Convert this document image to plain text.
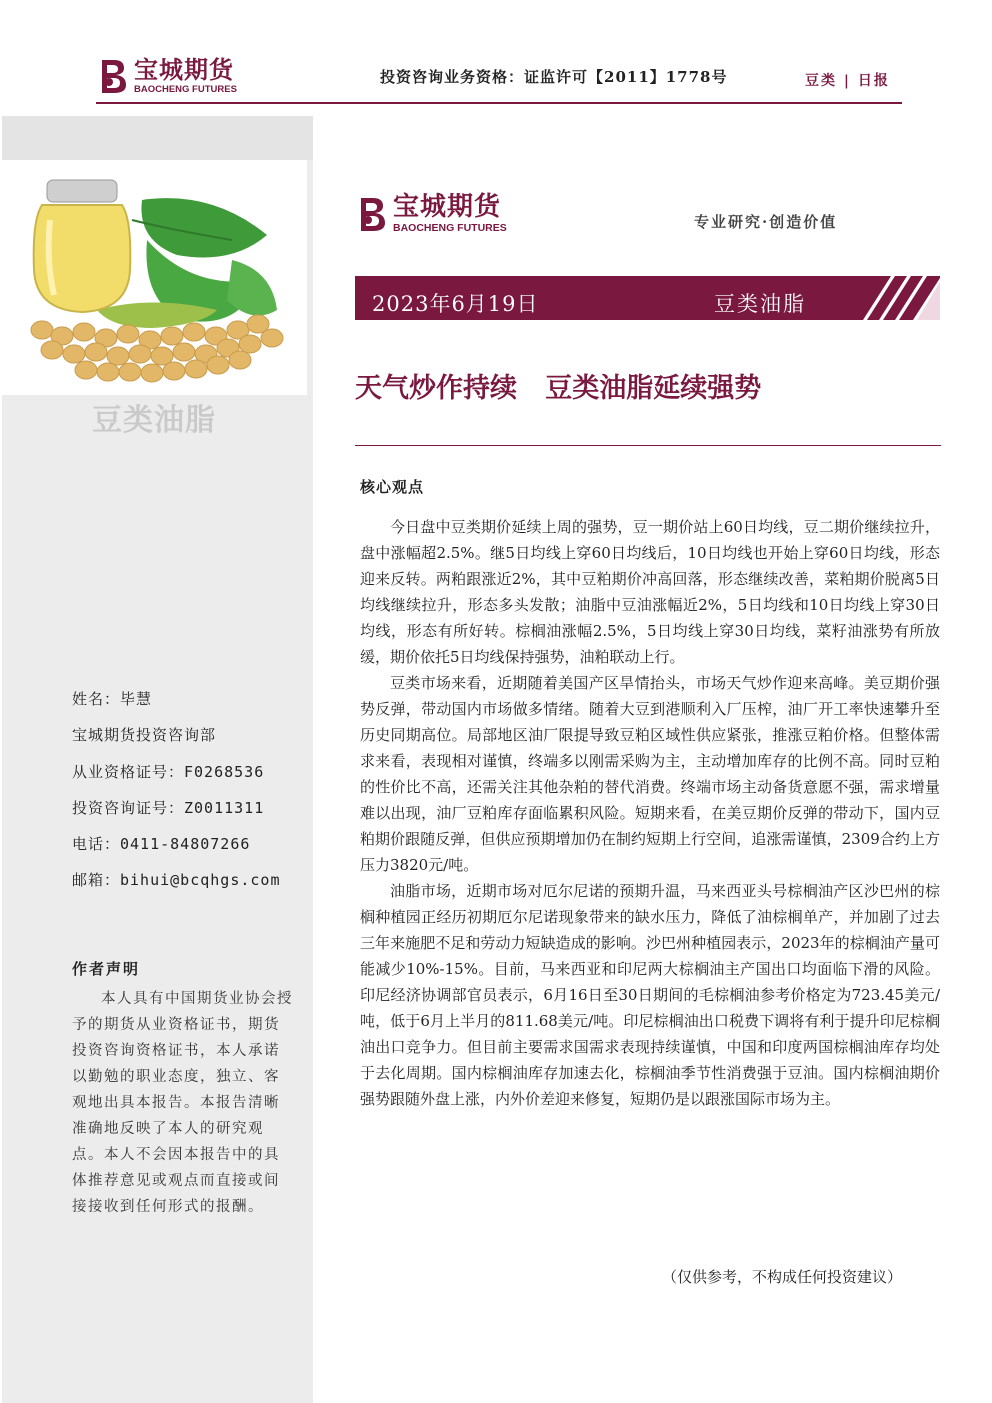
宝城期货
BAOCHENG FUTURES
投资咨询业务资格：证监许可【2011】1778号	豆类 | 日报
豆类油脂
姓名：毕慧
宝城期货投资咨询部
从业资格证号：F0268536
投资咨询证号：Z0011311
电话：0411-84807266
邮箱：bihui@bcqhgs.com
作者声明
本人具有中国期货业协会授予的期货从业资格证书，期货投资咨询资格证书，本人承诺以勤勉的职业态度，独立、客观地出具本报告。本报告清晰准确地反映了本人的研究观点。本人不会因本报告中的具体推荐意见或观点而直接或间接接收到任何形式的报酬。
宝城期货
BAOCHENG FUTURES	专业研究·创造价值
2023年6月19日	豆类油脂
天气炒作持续   豆类油脂延续强势
核心观点

今日盘中豆类期价延续上周的强势，豆一期价站上60日均线，豆二期价继续拉升，盘中涨幅超2.5%。继5日均线上穿60日均线后，10日均线也开始上穿60日均线，形态迎来反转。两粕跟涨近2%，其中豆粕期价冲高回落，形态继续改善，菜粕期价脱离5日均线继续拉升，形态多头发散；油脂中豆油涨幅近2%，5日均线和10日均线上穿30日均线，形态有所好转。棕榈油涨幅2.5%，5日均线上穿30日均线，菜籽油涨势有所放缓，期价依托5日均线保持强势，油粕联动上行。

豆类市场来看，近期随着美国产区旱情抬头，市场天气炒作迎来高峰。美豆期价强势反弹，带动国内市场做多情绪。随着大豆到港顺利入厂压榨，油厂开工率快速攀升至历史同期高位。局部地区油厂限提导致豆粕区域性供应紧张，推涨豆粕价格。但整体需求来看，表现相对谨慎，终端多以刚需采购为主，主动增加库存的比例不高。同时豆粕的性价比不高，还需关注其他杂粕的替代消费。终端市场主动备货意愿不强，需求增量难以出现，油厂豆粕库存面临累积风险。短期来看，在美豆期价反弹的带动下，国内豆粕期价跟随反弹，但供应预期增加仍在制约短期上行空间，追涨需谨慎，2309合约上方压力3820元/吨。

油脂市场，近期市场对厄尔尼诺的预期升温，马来西亚头号棕榈油产区沙巴州的棕榈种植园正经历初期厄尔尼诺现象带来的缺水压力，降低了油棕榈单产，并加剧了过去三年来施肥不足和劳动力短缺造成的影响。沙巴州种植园表示，2023年的棕榈油产量可能减少10%-15%。目前，马来西亚和印尼两大棕榈油主产国出口均面临下滑的风险。印尼经济协调部官员表示，6月16日至30日期间的毛棕榈油参考价格定为723.45美元/吨，低于6月上半月的811.68美元/吨。印尼棕榈油出口税费下调将有利于提升印尼棕榈油出口竞争力。但目前主要需求国需求表现持续谨慎，中国和印度两国棕榈油库存均处于去化周期。国内棕榈油库存加速去化，棕榈油季节性消费强于豆油。国内棕榈油期价强势跟随外盘上涨，内外价差迎来修复，短期仍是以跟涨国际市场为主。

（仅供参考，不构成任何投资建议）
